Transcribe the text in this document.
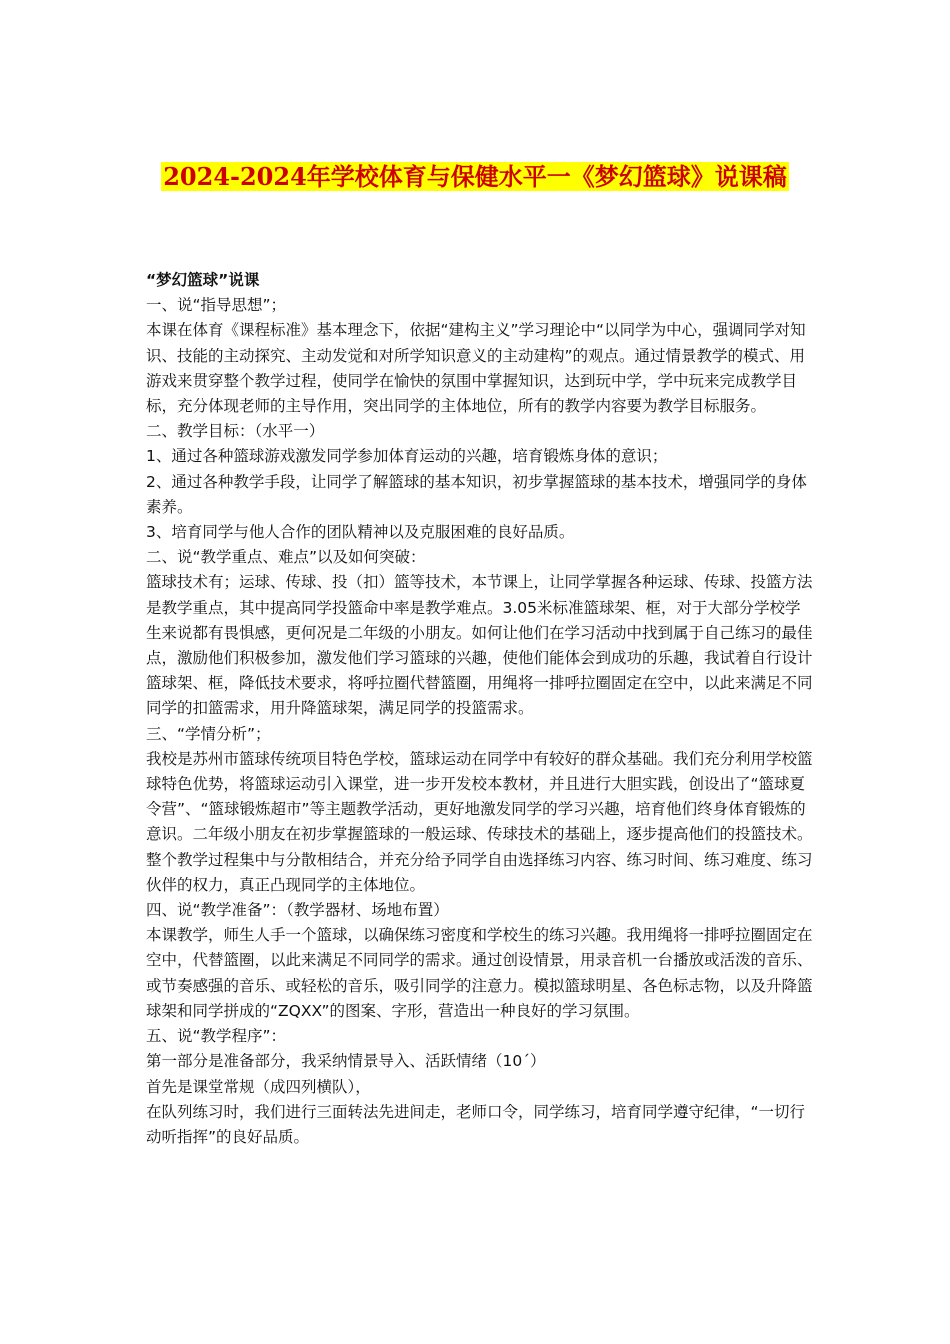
2024-2024年学校体育与保健水平一《梦幻篮球》说课稿

“梦幻篮球”说课

一、说“指导思想”；

本课在体育《课程标准》基本理念下，依据“建构主义”学习理论中“以同学为中心，强调同学对知识、技能的主动探究、主动发觉和对所学知识意义的主动建构”的观点。通过情景教学的模式、用游戏来贯穿整个教学过程，使同学在愉快的氛围中掌握知识，达到玩中学，学中玩来完成教学目标，充分体现老师的主导作用，突出同学的主体地位，所有的教学内容要为教学目标服务。

二、教学目标：（水平一）

1、通过各种篮球游戏激发同学参加体育运动的兴趣，培育锻炼身体的意识；

2、通过各种教学手段，让同学了解篮球的基本知识，初步掌握篮球的基本技术，增强同学的身体素养。

3、培育同学与他人合作的团队精神以及克服困难的良好品质。

二、说“教学重点、难点”以及如何突破：

篮球技术有；运球、传球、投（扣）篮等技术，本节课上，让同学掌握各种运球、传球、投篮方法是教学重点，其中提高同学投篮命中率是教学难点。3.05米标准篮球架、框，对于大部分学校学生来说都有畏惧感，更何况是二年级的小朋友。如何让他们在学习活动中找到属于自己练习的最佳点，激励他们积极参加，激发他们学习篮球的兴趣，使他们能体会到成功的乐趣，我试着自行设计篮球架、框，降低技术要求，将呼拉圈代替篮圈，用绳将一排呼拉圈固定在空中，以此来满足不同同学的扣篮需求，用升降篮球架，满足同学的投篮需求。

三、“学情分析”；

我校是苏州市篮球传统项目特色学校，篮球运动在同学中有较好的群众基础。我们充分利用学校篮球特色优势，将篮球运动引入课堂，进一步开发校本教材，并且进行大胆实践，创设出了“篮球夏令营”、“篮球锻炼超市”等主题教学活动，更好地激发同学的学习兴趣，培育他们终身体育锻炼的意识。二年级小朋友在初步掌握篮球的一般运球、传球技术的基础上，逐步提高他们的投篮技术。整个教学过程集中与分散相结合，并充分给予同学自由选择练习内容、练习时间、练习难度、练习伙伴的权力，真正凸现同学的主体地位。

四、说“教学准备”：（教学器材、场地布置）

本课教学，师生人手一个篮球，以确保练习密度和学校生的练习兴趣。我用绳将一排呼拉圈固定在空中，代替篮圈，以此来满足不同同学的需求。通过创设情景，用录音机一台播放或活泼的音乐、或节奏感强的音乐、或轻松的音乐，吸引同学的注意力。模拟篮球明星、各色标志物，以及升降篮球架和同学拼成的“ZQXX”的图案、字形，营造出一种良好的学习氛围。

五、说“教学程序”：

第一部分是准备部分，我采纳情景导入、活跃情绪（10´）

首先是课堂常规（成四列横队），

在队列练习时，我们进行三面转法先进间走，老师口令，同学练习，培育同学遵守纪律，“一切行动听指挥”的良好品质。
